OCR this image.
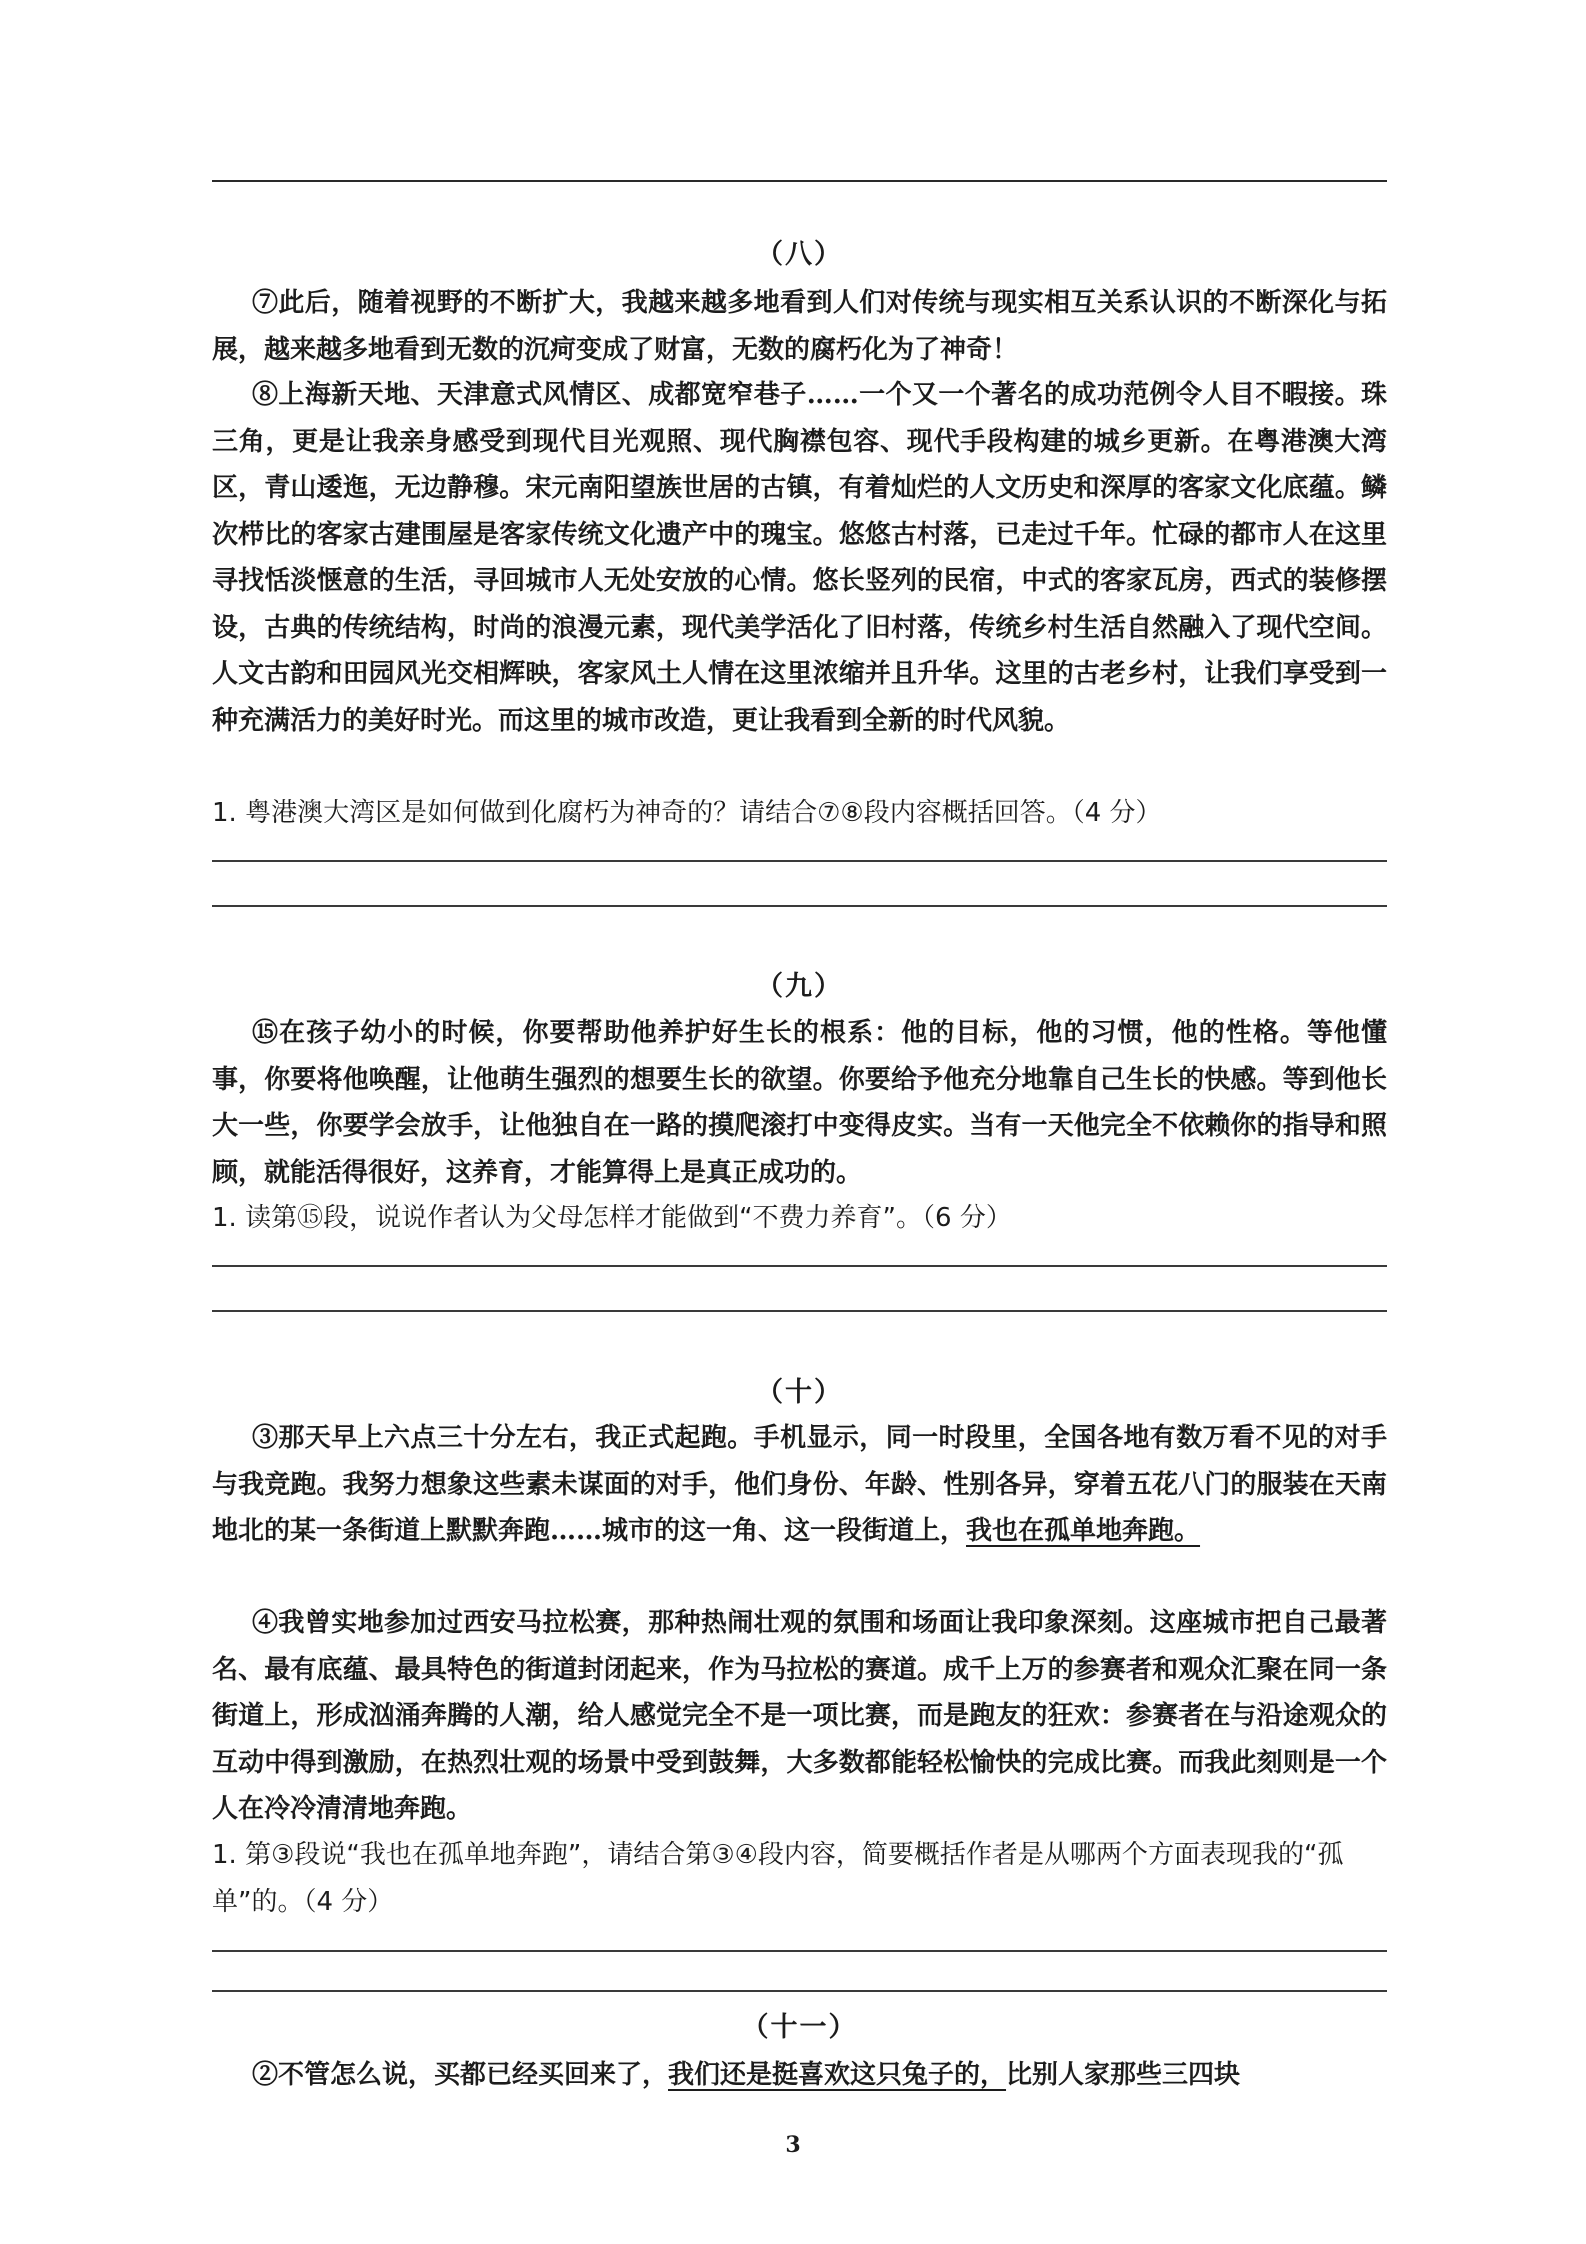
（八）

⑦此后，随着视野的不断扩大，我越来越多地看到人们对传统与现实相互关系认识的不断深化与拓展，越来越多地看到无数的沉疴变成了财富，无数的腐朽化为了神奇！

⑧上海新天地、天津意式风情区、成都宽窄巷子……一个又一个著名的成功范例令人目不暇接。珠三角，更是让我亲身感受到现代目光观照、现代胸襟包容、现代手段构建的城乡更新。在粤港澳大湾区，青山逶迤，无边静穆。宋元南阳望族世居的古镇，有着灿烂的人文历史和深厚的客家文化底蕴。鳞次栉比的客家古建围屋是客家传统文化遗产中的瑰宝。悠悠古村落，已走过千年。忙碌的都市人在这里寻找恬淡惬意的生活，寻回城市人无处安放的心情。悠长竖列的民宿，中式的客家瓦房，西式的装修摆设，古典的传统结构，时尚的浪漫元素，现代美学活化了旧村落，传统乡村生活自然融入了现代空间。人文古韵和田园风光交相辉映，客家风土人情在这里浓缩并且升华。这里的古老乡村，让我们享受到一种充满活力的美好时光。而这里的城市改造，更让我看到全新的时代风貌。

1. 粤港澳大湾区是如何做到化腐朽为神奇的？请结合⑦⑧段内容概括回答。（4 分）

（九）

⑮在孩子幼小的时候，你要帮助他养护好生长的根系：他的目标，他的习惯，他的性格。等他懂事，你要将他唤醒，让他萌生强烈的想要生长的欲望。你要给予他充分地靠自己生长的快感。等到他长大一些，你要学会放手，让他独自在一路的摸爬滚打中变得皮实。当有一天他完全不依赖你的指导和照顾，就能活得很好，这养育，才能算得上是真正成功的。

1. 读第⑮段，说说作者认为父母怎样才能做到“不费力养育”。（6 分）

（十）

③那天早上六点三十分左右，我正式起跑。手机显示，同一时段里，全国各地有数万看不见的对手与我竞跑。我努力想象这些素未谋面的对手，他们身份、年龄、性别各异，穿着五花八门的服装在天南地北的某一条街道上默默奔跑……城市的这一角、这一段街道上，我也在孤单地奔跑。

④我曾实地参加过西安马拉松赛，那种热闹壮观的氛围和场面让我印象深刻。这座城市把自己最著名、最有底蕴、最具特色的街道封闭起来，作为马拉松的赛道。成千上万的参赛者和观众汇聚在同一条街道上，形成汹涌奔腾的人潮，给人感觉完全不是一项比赛，而是跑友的狂欢：参赛者在与沿途观众的互动中得到激励，在热烈壮观的场景中受到鼓舞，大多数都能轻松愉快的完成比赛。而我此刻则是一个人在冷冷清清地奔跑。

1. 第③段说“我也在孤单地奔跑”，请结合第③④段内容，简要概括作者是从哪两个方面表现我的“孤单”的。（4 分）

（十一）

②不管怎么说，买都已经买回来了，我们还是挺喜欢这只兔子的，比别人家那些三四块

3
